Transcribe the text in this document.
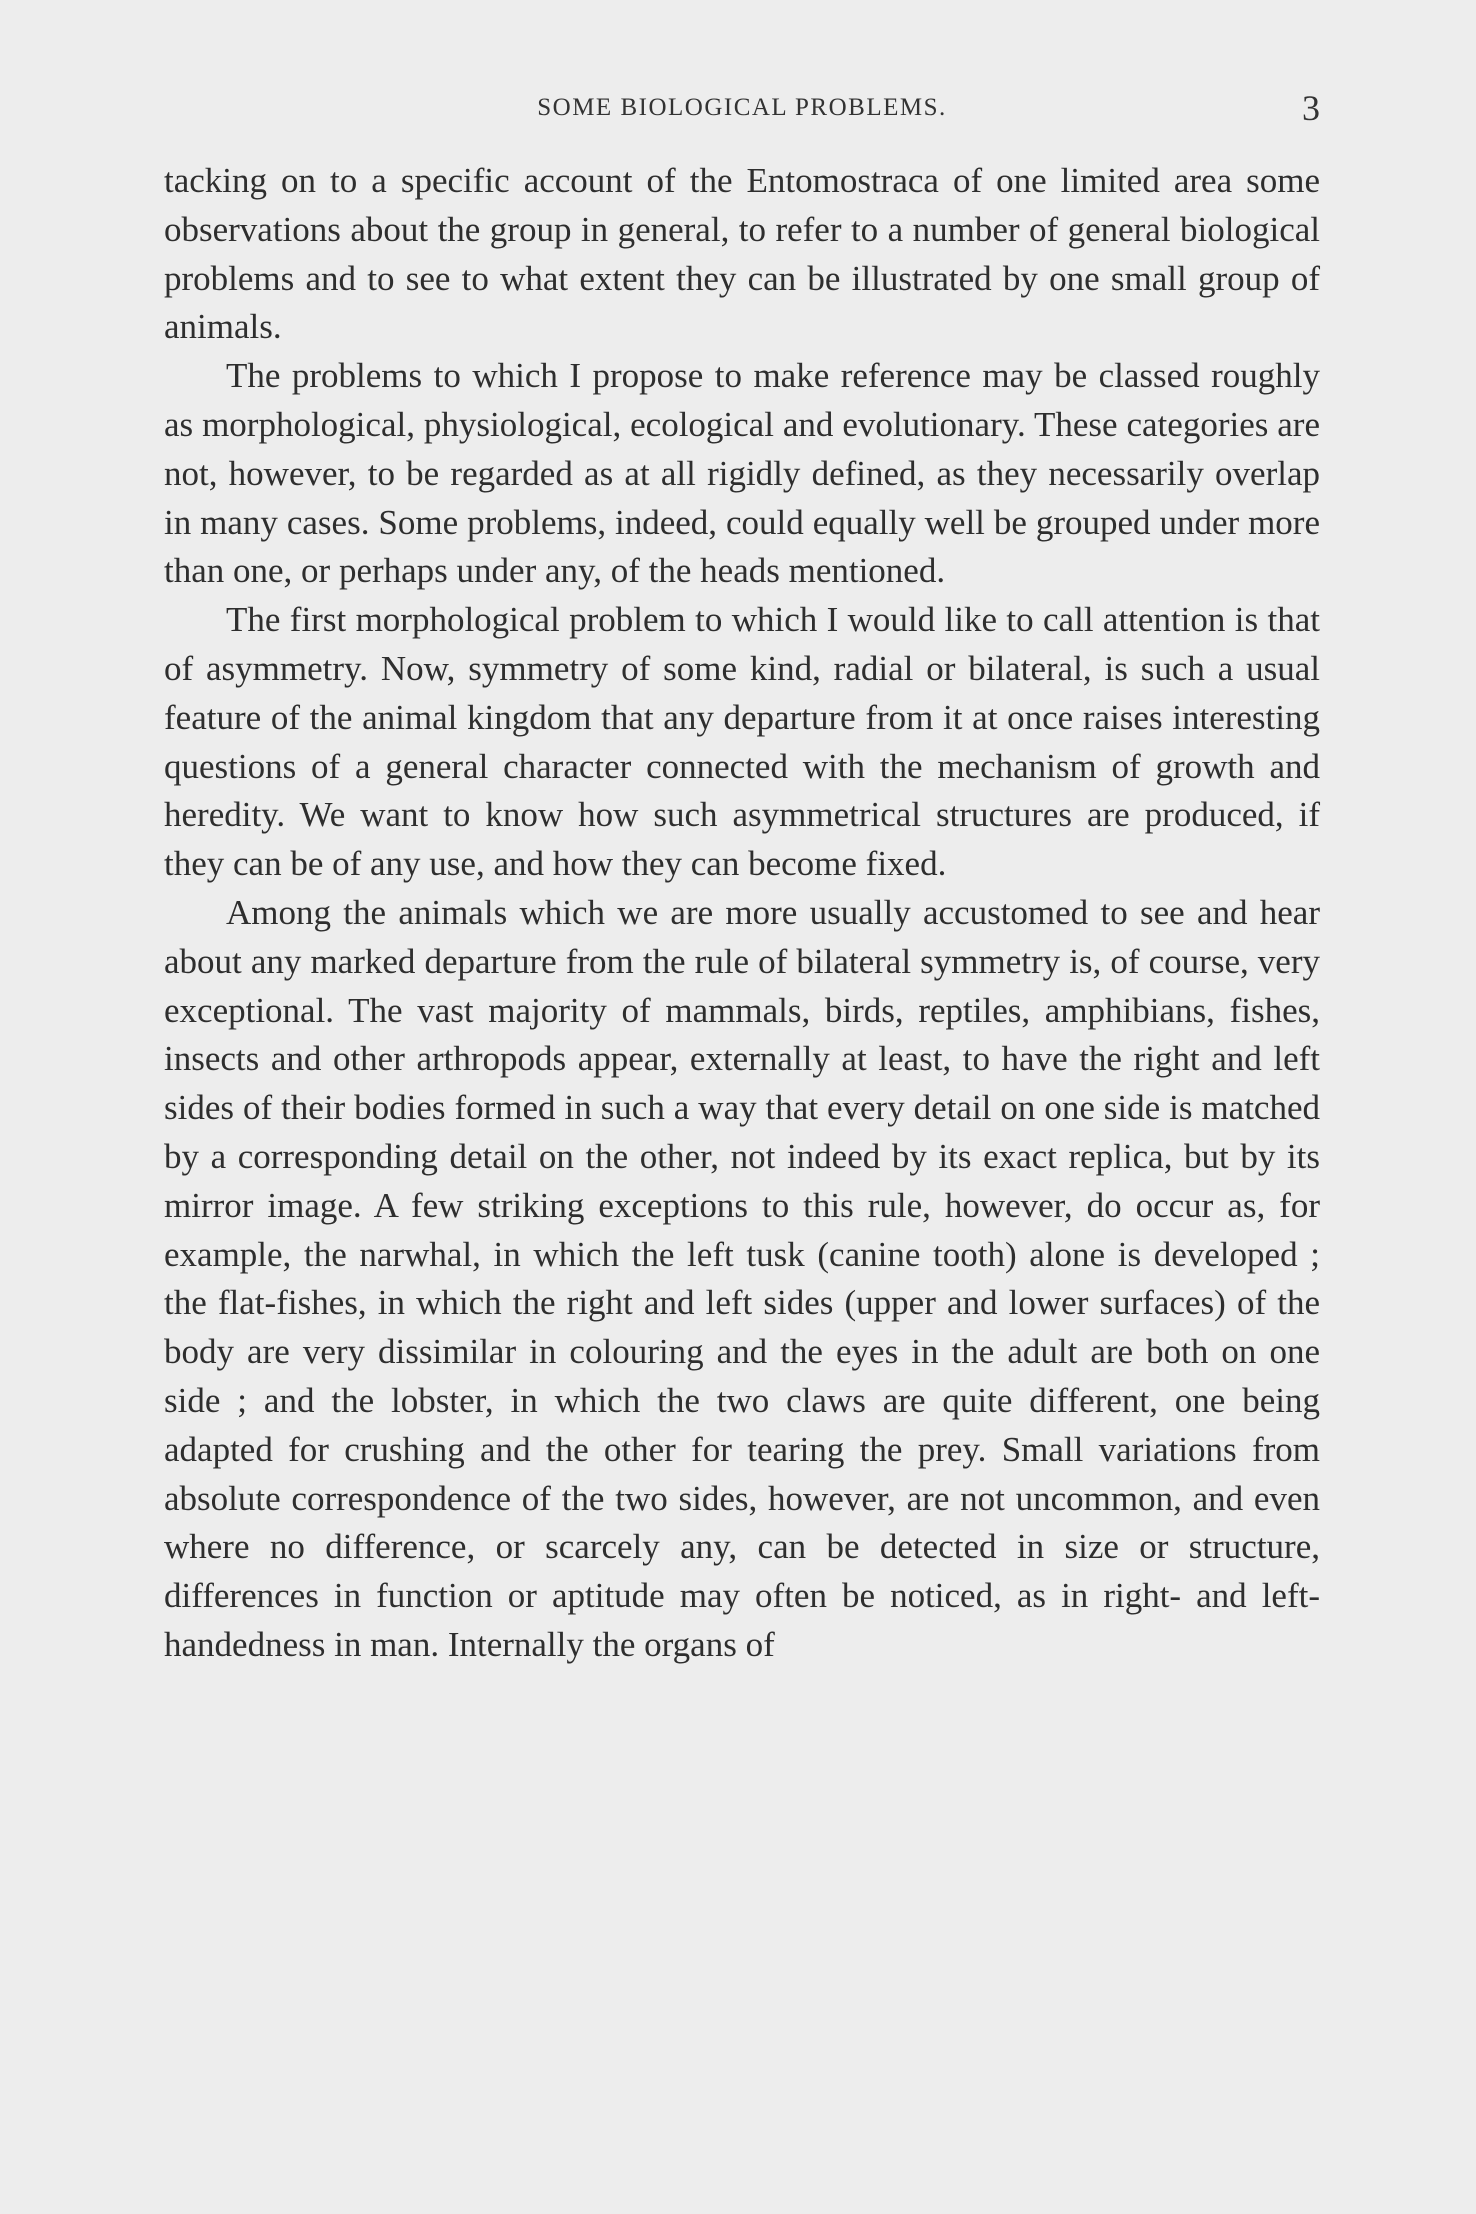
SOME BIOLOGICAL PROBLEMS.	3

tacking on to a specific account of the Entomostraca of one limited area some observations about the group in general, to refer to a number of general biological problems and to see to what extent they can be illustrated by one small group of animals.

The problems to which I propose to make reference may be classed roughly as morphological, physiological, ecological and evolutionary. These categories are not, however, to be regarded as at all rigidly defined, as they necessarily overlap in many cases. Some problems, indeed, could equally well be grouped under more than one, or perhaps under any, of the heads mentioned.

The first morphological problem to which I would like to call attention is that of asymmetry. Now, symmetry of some kind, radial or bilateral, is such a usual feature of the animal kingdom that any departure from it at once raises interesting questions of a general character connected with the mechanism of growth and heredity. We want to know how such asymmetrical structures are produced, if they can be of any use, and how they can become fixed.

Among the animals which we are more usually accustomed to see and hear about any marked departure from the rule of bilateral symmetry is, of course, very exceptional. The vast majority of mammals, birds, reptiles, amphibians, fishes, insects and other arthropods appear, externally at least, to have the right and left sides of their bodies formed in such a way that every detail on one side is matched by a corresponding detail on the other, not indeed by its exact replica, but by its mirror image. A few striking exceptions to this rule, however, do occur as, for example, the narwhal, in which the left tusk (canine tooth) alone is developed ; the flat-fishes, in which the right and left sides (upper and lower surfaces) of the body are very dissimilar in colouring and the eyes in the adult are both on one side ; and the lobster, in which the two claws are quite different, one being adapted for crushing and the other for tearing the prey. Small variations from absolute correspondence of the two sides, however, are not uncommon, and even where no difference, or scarcely any, can be detected in size or structure, differences in function or aptitude may often be noticed, as in right- and left-handedness in man. Internally the organs of
